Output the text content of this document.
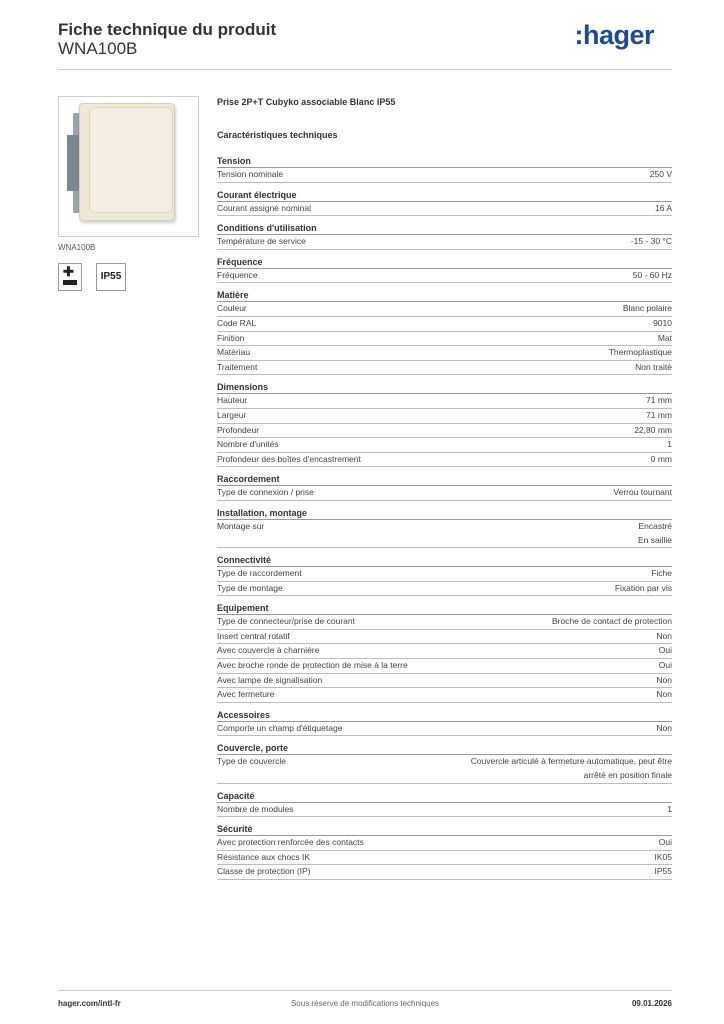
Fiche technique du produit
WNA100B	:hager
WNA100B
✚	IP55
Prise 2P+T Cubyko associable Blanc IP55
Caractéristiques techniques
Tension
Tension nominale	250 V
Courant électrique
Courant assigné nominal	16 A
Conditions d'utilisation
Température de service	-15 - 30 °C
Fréquence
Fréquence	50 - 60 Hz
Matière
Couleur	Blanc polaire
Code RAL	9010
Finition	Mat
Matériau	Thermoplastique
Traitement	Non traité
Dimensions
Hauteur	71 mm
Largeur	71 mm
Profondeur	22,80 mm
Nombre d'unités	1
Profondeur des boîtes d'encastrement	0 mm
Raccordement
Type de connexion / prise	Verrou tournant
Installation, montage
Montage sur	Encastré
En saillie
Connectivité
Type de raccordement	Fiche
Type de montage	Fixation par vis
Equipement
Type de connecteur/prise de courant	Broche de contact de protection
Insert central rotatif	Non
Avec couvercle à charnière	Oui
Avec broche ronde de protection de mise à la terre	Oui
Avec lampe de signalisation	Non
Avec fermeture	Non
Accessoires
Comporte un champ d'étiquetage	Non
Couvercle, porte
Type de couvercle	Couvercle articulé à fermeture automatique, peut être
arrêté en position finale
Capacité
Nombre de modules	1
Sécurité
Avec protection renforcée des contacts	Oui
Résistance aux chocs IK	IK05
Classe de protection (IP)	IP55
hager.com/intl-fr	Sous réserve de modifications techniques	09.01.2026
